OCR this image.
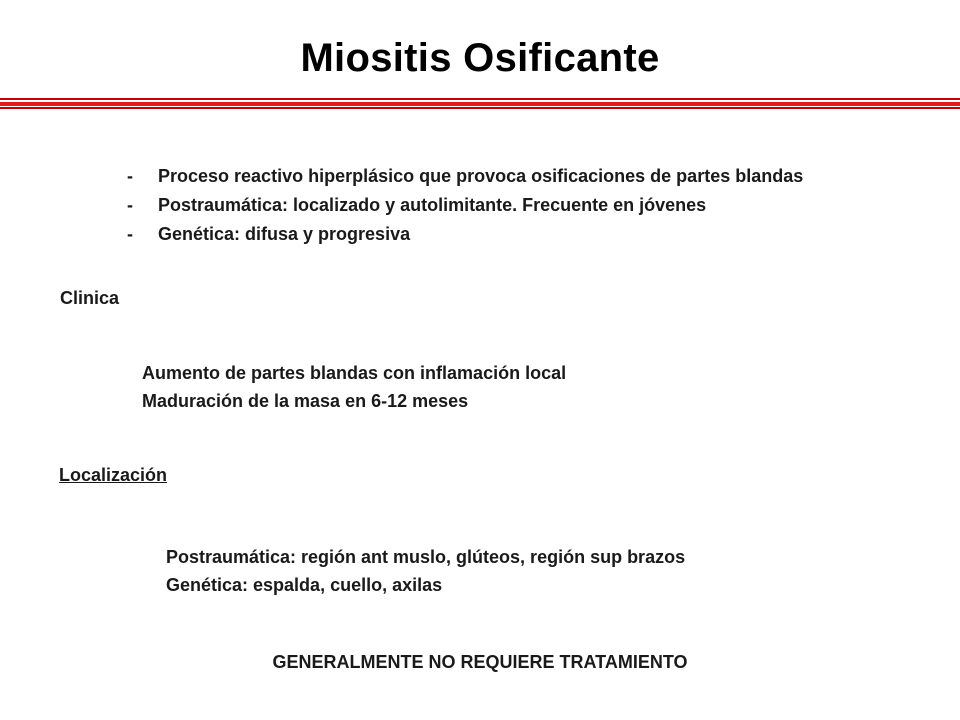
Miositis Osificante
- Proceso reactivo hiperplásico que provoca osificaciones de partes blandas
- Postraumática: localizado y autolimitante. Frecuente en jóvenes
- Genética: difusa y progresiva
Clinica
Aumento de partes blandas con inflamación local
Maduración de la masa en 6-12 meses
Localización
Postraumática: región ant muslo, glúteos, región sup brazos
Genética: espalda, cuello, axilas
GENERALMENTE NO REQUIERE TRATAMIENTO
